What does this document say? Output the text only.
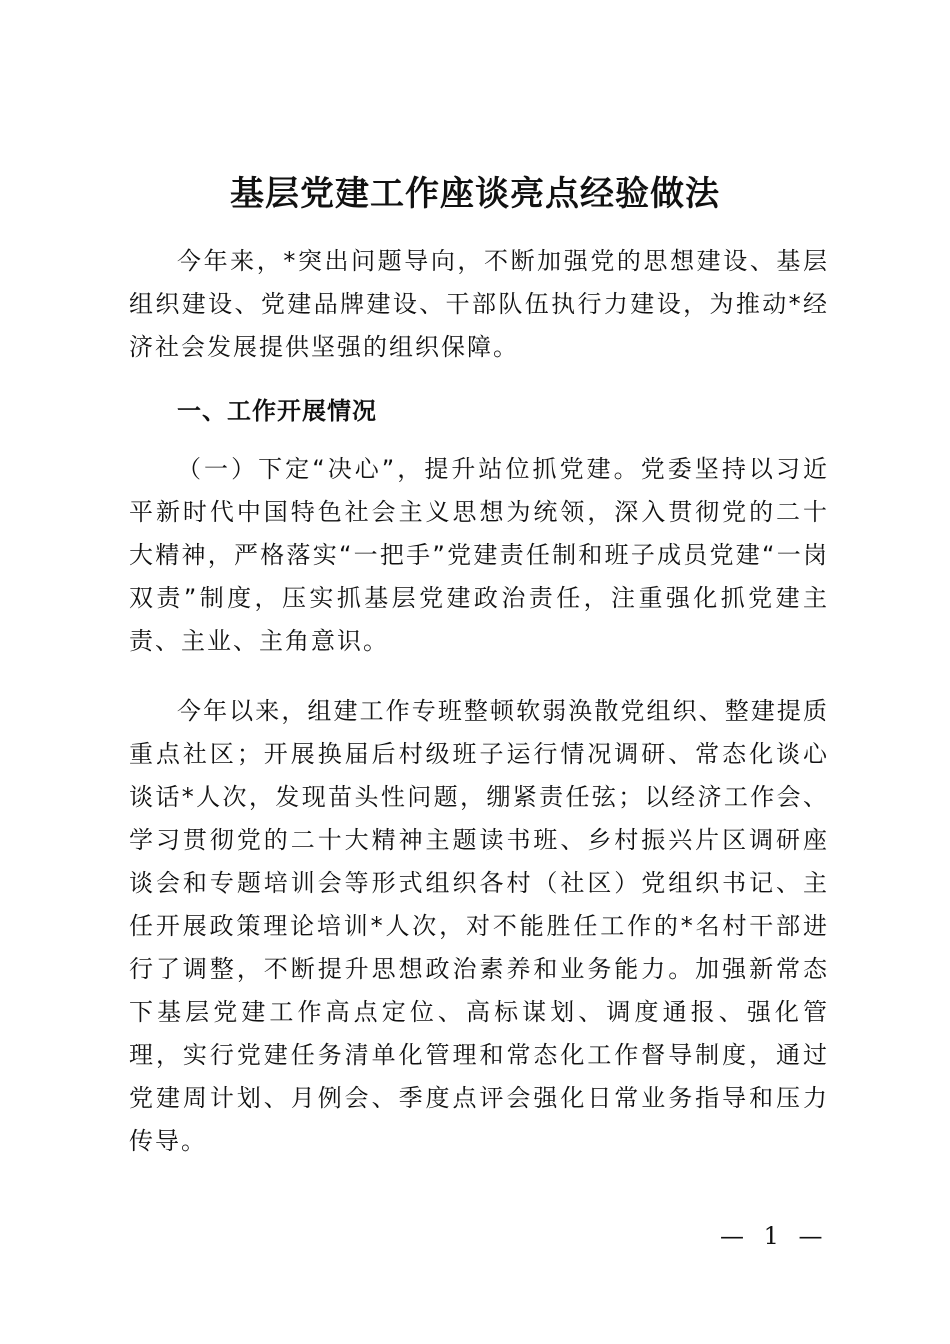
基层党建工作座谈亮点经验做法

今年来，*突出问题导向，不断加强党的思想建设、基层组织建设、党建品牌建设、干部队伍执行力建设，为推动*经济社会发展提供坚强的组织保障。

一、工作开展情况

（一）下定“决心”，提升站位抓党建。党委坚持以习近平新时代中国特色社会主义思想为统领，深入贯彻党的二十大精神，严格落实“一把手”党建责任制和班子成员党建“一岗双责”制度，压实抓基层党建政治责任，注重强化抓党建主责、主业、主角意识。

今年以来，组建工作专班整顿软弱涣散党组织、整建提质重点社区；开展换届后村级班子运行情况调研、常态化谈心谈话*人次，发现苗头性问题，绷紧责任弦；以经济工作会、学习贯彻党的二十大精神主题读书班、乡村振兴片区调研座谈会和专题培训会等形式组织各村（社区）党组织书记、主任开展政策理论培训*人次，对不能胜任工作的*名村干部进行了调整，不断提升思想政治素养和业务能力。加强新常态下基层党建工作高点定位、高标谋划、调度通报、强化管理，实行党建任务清单化管理和常态化工作督导制度，通过党建周计划、月例会、季度点评会强化日常业务指导和压力传导。

— 1 —
